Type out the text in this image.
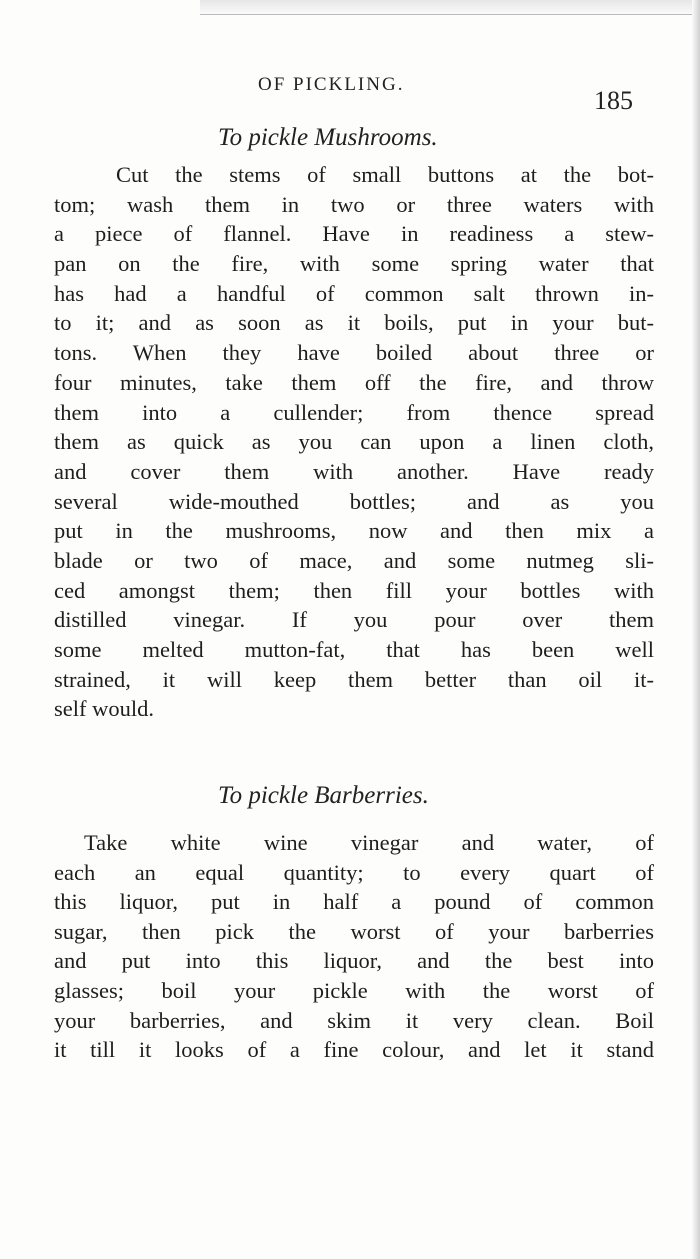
OF PICKLING.
185
To pickle Mushrooms.
Cut the stems of small buttons at the bot-
tom; wash them in two or three waters with
a piece of flannel. Have in readiness a stew-
pan on the fire, with some spring water that
has had a handful of common salt thrown in-
to it; and as soon as it boils, put in your but-
tons. When they have boiled about three or
four minutes, take them off the fire, and throw
them into a cullender; from thence spread
them as quick as you can upon a linen cloth,
and cover them with another. Have ready
several wide-mouthed bottles; and as you
put in the mushrooms, now and then mix a
blade or two of mace, and some nutmeg sli-
ced amongst them; then fill your bottles with
distilled vinegar. If you pour over them
some melted mutton-fat, that has been well
strained, it will keep them better than oil it-
self would.
To pickle Barberries.
Take white wine vinegar and water, of
each an equal quantity; to every quart of
this liquor, put in half a pound of common
sugar, then pick the worst of your barberries
and put into this liquor, and the best into
glasses; boil your pickle with the worst of
your barberries, and skim it very clean. Boil
it till it looks of a fine colour, and let it stand
